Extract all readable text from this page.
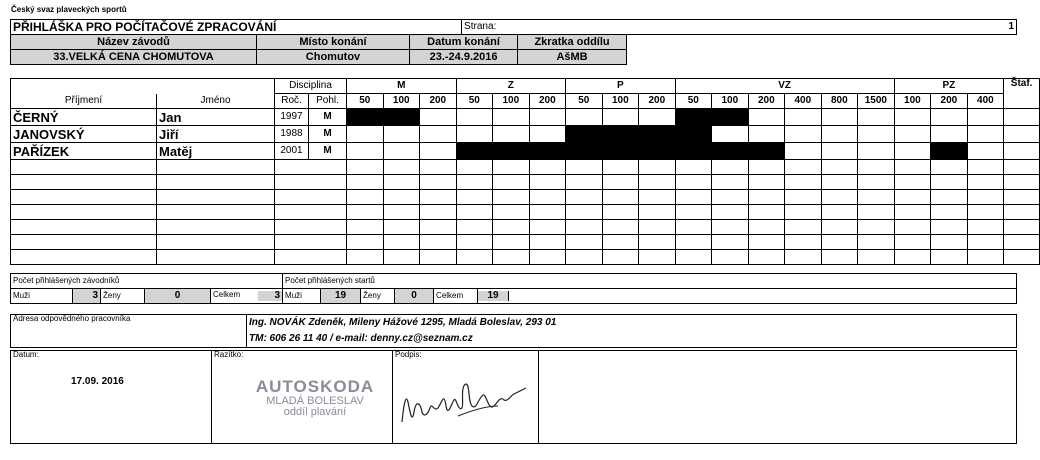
Český svaz plaveckých sportů
PŘIHLÁŠKA PRO POČÍTAČOVÉ ZPRACOVÁNÍ			Strana:		1
Název závodů	Místo konání	Datum konání		Zkratka oddílu	
33.VELKÁ CENA CHOMUTOVA	Chomutov	23.-24.9.2016		AšMB	
		Disciplina		M			Z			P			VZ						PZ			Štaf.
Příjmení	Jméno	Roč.	Pohl.	50	100	200	50	100	200	50	100	200	50	100	200	400	800	1500	100	200	400	
ČERNÝ	Jan	1997	M																			
JANOVSKÝ	Jiří	1988	M																			
PAŘÍZEK	Matěj	2001	M																			

Počet přihlášených závodníků					Počet přihlášených startů					
Muži	3	Ženy	0	Celkem 3	Muži	19	Ženy	0	Celkem	19
Adresa odpovědného pracovníka	Ing. NOVÁK Zdeněk, Mileny Hážové 1295, Mladá Boleslav, 293 01
TM: 606 26 11 40 / e-mail: denny.cz@seznam.cz
Datum:
17.09. 2016
	Razítko:	Podpis:	
AUTOSKODA
MLADÁ BOLESLAV
oddíl plavání
